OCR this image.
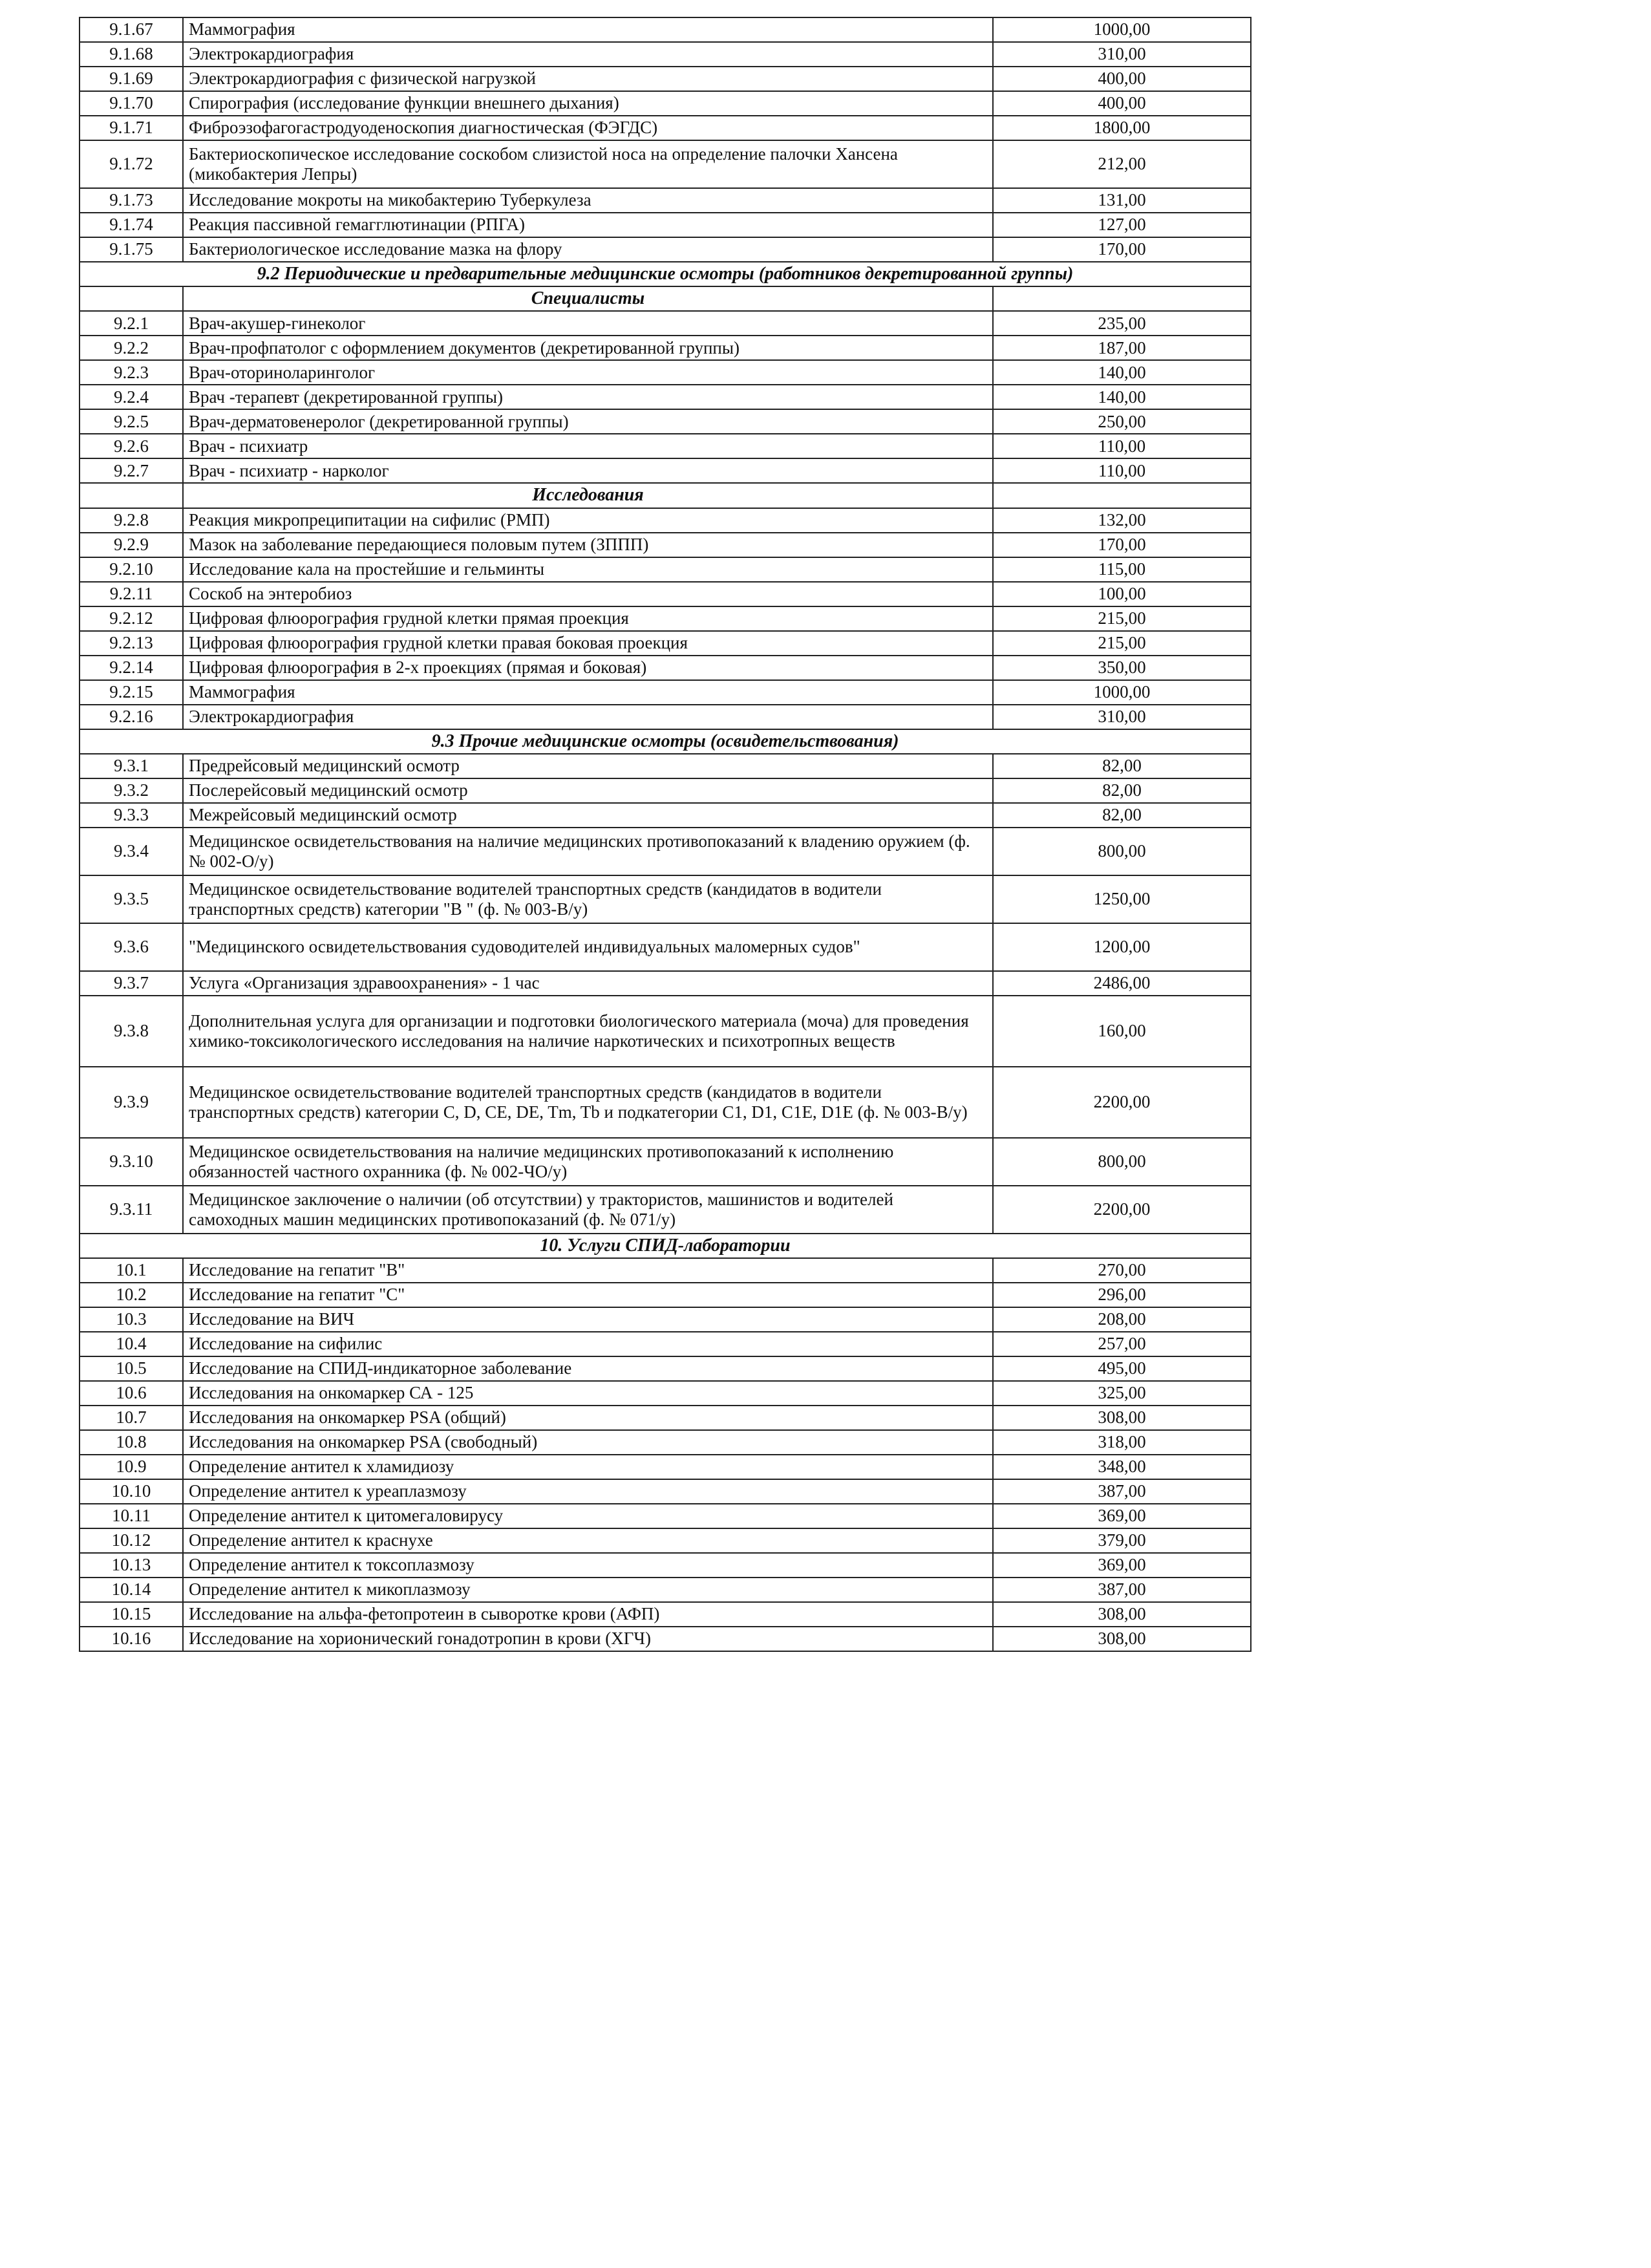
9.1.67	Маммография	1000,00
9.1.68	Электрокардиография	310,00
9.1.69	Электрокардиография с физической нагрузкой	400,00
9.1.70	Спирография (исследование функции внешнего дыхания)	400,00
9.1.71	Фиброэзофагогастродуоденоскопия диагностическая (ФЭГДС)	1800,00
9.1.72	Бактериоскопическое исследование соскобом слизистой носа на определение палочки Хансена (микобактерия Лепры)	212,00
9.1.73	Исследование мокроты на микобактерию Туберкулеза	131,00
9.1.74	Реакция пассивной гемагглютинации (РПГА)	127,00
9.1.75	Бактериологическое исследование мазка на флору	170,00
9.2 Периодические и предварительные медицинские осмотры (работников декретированной группы)		
	Специалисты	
9.2.1	Врач-акушер-гинеколог	235,00
9.2.2	Врач-профпатолог с оформлением документов (декретированной группы)	187,00
9.2.3	Врач-оториноларинголог	140,00
9.2.4	Врач -терапевт (декретированной группы)	140,00
9.2.5	Врач-дерматовенеролог (декретированной группы)	250,00
9.2.6	Врач - психиатр	110,00
9.2.7	Врач - психиатр - нарколог	110,00
	Исследования	
9.2.8	Реакция микропреципитации на сифилис (РМП)	132,00
9.2.9	Мазок на заболевание передающиеся половым путем (ЗППП)	170,00
9.2.10	Исследование кала на простейшие и гельминты	115,00
9.2.11	Соскоб на энтеробиоз	100,00
9.2.12	Цифровая флюорография грудной клетки прямая проекция	215,00
9.2.13	Цифровая флюорография грудной клетки правая боковая проекция	215,00
9.2.14	Цифровая флюорография в 2-х проекциях (прямая и боковая)	350,00
9.2.15	Маммография	1000,00
9.2.16	Электрокардиография	310,00
9.3 Прочие медицинские осмотры (освидетельствования)		
9.3.1	Предрейсовый медицинский осмотр	82,00
9.3.2	Послерейсовый медицинский осмотр	82,00
9.3.3	Межрейсовый медицинский осмотр	82,00
9.3.4	Медицинское освидетельствования на наличие медицинских противопоказаний к владению оружием (ф. № 002-О/у)	800,00
9.3.5	Медицинское освидетельствование водителей транспортных средств (кандидатов в водители транспортных средств) категории "В " (ф. № 003-В/у)	1250,00
9.3.6	"Медицинского освидетельствования судоводителей индивидуальных маломерных судов"	1200,00
9.3.7	Услуга «Организация здравоохранения» - 1 час	2486,00
9.3.8	Дополнительная услуга для организации и подготовки биологического материала (моча) для проведения химико-токсикологического исследования на наличие наркотических и психотропных веществ	160,00
9.3.9	Медицинское освидетельствование водителей транспортных средств (кандидатов в водители транспортных средств) категории C, D, CE, DE, Tm, Tb и подкатегории C1, D1, C1E, D1E (ф. № 003-В/у)	2200,00
9.3.10	Медицинское освидетельствования на наличие медицинских противопоказаний к исполнению обязанностей частного охранника (ф. № 002-ЧО/у)	800,00
9.3.11	Медицинское заключение о наличии (об отсутствии) у трактористов, машинистов и водителей самоходных машин медицинских противопоказаний (ф. № 071/у)	2200,00
10. Услуги СПИД-лаборатории		
10.1	Исследование на гепатит "В"	270,00
10.2	Исследование на гепатит "С"	296,00
10.3	Исследование на ВИЧ	208,00
10.4	Исследование на сифилис	257,00
10.5	Исследование на СПИД-индикаторное заболевание	495,00
10.6	Исследования на онкомаркер СА - 125	325,00
10.7	Исследования на онкомаркер PSA (общий)	308,00
10.8	Исследования на онкомаркер PSA (свободный)	318,00
10.9	Определение антител к хламидиозу	348,00
10.10	Определение антител к уреаплазмозу	387,00
10.11	Определение антител к цитомегаловирусу	369,00
10.12	Определение антител к краснухе	379,00
10.13	Определение антител к токсоплазмозу	369,00
10.14	Определение антител к микоплазмозу	387,00
10.15	Исследование на альфа-фетопротеин в сыворотке крови (АФП)	308,00
10.16	Исследование на хорионический гонадотропин в крови (ХГЧ)	308,00
